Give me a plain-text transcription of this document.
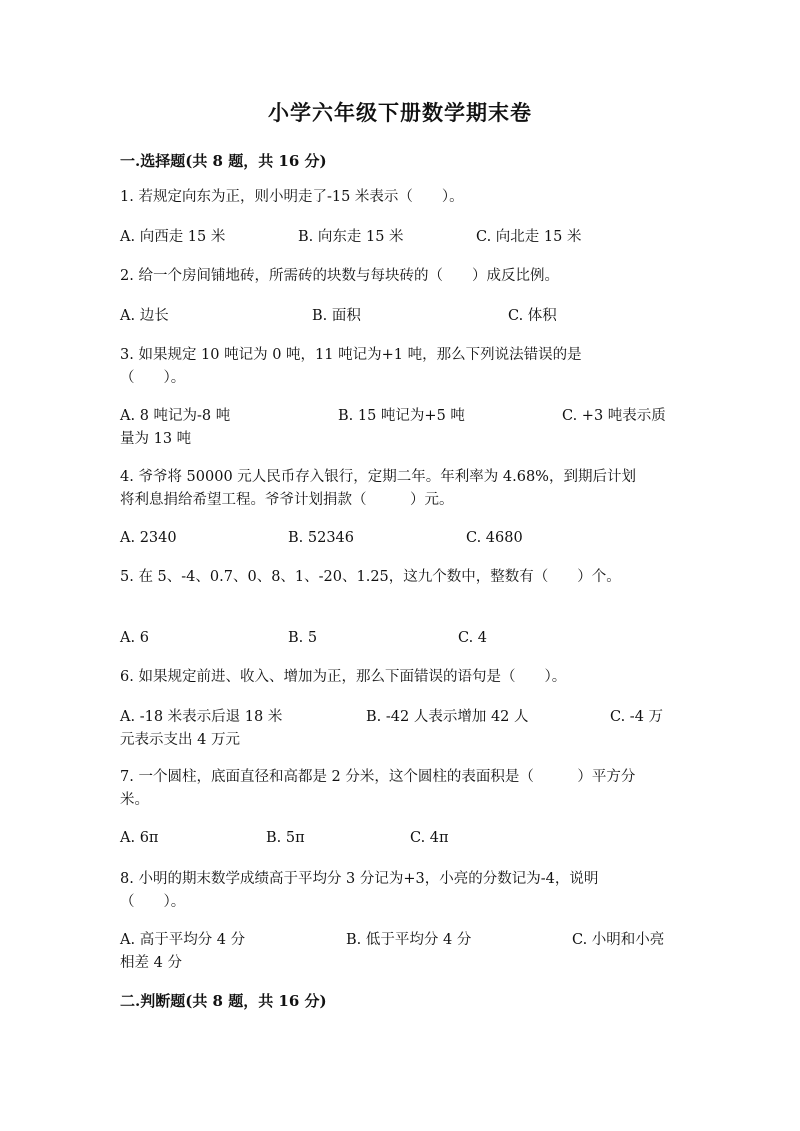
小学六年级下册数学期末卷
一.选择题(共 8 题，共 16 分)
1. 若规定向东为正，则小明走了-15 米表示（　　）。
A. 向西走 15 米	B. 向东走 15 米	C. 向北走 15 米
2. 给一个房间铺地砖，所需砖的块数与每块砖的（　　）成反比例。
A. 边长	B. 面积	C. 体积
3. 如果规定 10 吨记为 0 吨，11 吨记为+1 吨，那么下列说法错误的是
（　　）。
A. 8 吨记为-8 吨	B. 15 吨记为+5 吨	C. +3 吨表示质
量为 13 吨
4. 爷爷将 50000 元人民币存入银行，定期二年。年利率为 4.68%，到期后计划
将利息捐给希望工程。爷爷计划捐款（　　　）元。
A. 2340	B. 52346	C. 4680
5. 在 5、-4、0.7、0、8、1、-20、1.25，这九个数中，整数有（　　）个。
A. 6	B. 5	C. 4
6. 如果规定前进、收入、增加为正，那么下面错误的语句是（　　）。
A. -18 米表示后退 18 米	B. -42 人表示增加 42 人	C. -4 万
元表示支出 4 万元
7. 一个圆柱，底面直径和高都是 2 分米，这个圆柱的表面积是（　　　）平方分
米。
A. 6π	B. 5π	C. 4π
8. 小明的期末数学成绩高于平均分 3 分记为+3，小亮的分数记为-4，说明
（　　）。
A. 高于平均分 4 分	B. 低于平均分 4 分	C. 小明和小亮
相差 4 分
二.判断题(共 8 题，共 16 分)
